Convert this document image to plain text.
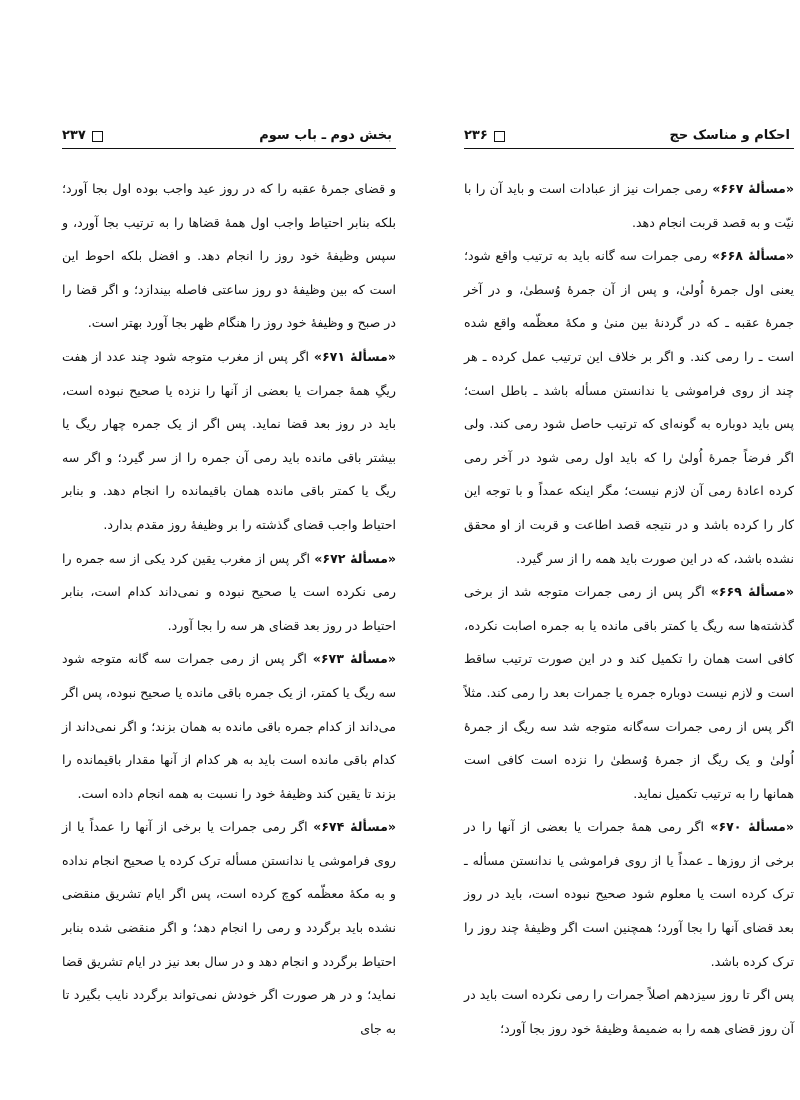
بخش دوم ـ باب سوم
۲۳۷

و قضای جمرهٔ عقبه را که در روز عید واجب بوده اول بجا آورد؛ بلکه بنابر احتیاط واجب اول همهٔ قضاها را به ترتیب بجا آورد، و سپس وظیفهٔ خود روز را انجام دهد. و افضل بلکه احوط این است که بین وظیفهٔ دو روز ساعتی فاصله بیندازد؛ و اگر قضا را در صبح و وظیفهٔ خود روز را هنگام ظهر بجا آورد بهتر است.

«مسألهٔ ۶۷۱» اگر پس از مغرب متوجه شود چند عدد از هفت ریگِ همهٔ جمرات یا بعضی از آنها را نزده یا صحیح نبوده است، باید در روز بعد قضا نماید. پس اگر از یک جمره چهار ریگ یا بیشتر باقی مانده باید رمی آن جمره را از سر گیرد؛ و اگر سه ریگ یا کمتر باقی مانده همان باقیمانده را انجام دهد. و بنابر احتیاط واجب قضای گذشته را بر وظیفهٔ روز مقدم بدارد.

«مسألهٔ ۶۷۲» اگر پس از مغرب یقین کرد یکی از سه جمره را رمی نکرده است یا صحیح نبوده و نمی‌داند کدام است، بنابر احتیاط در روز بعد قضای هر سه را بجا آورد.

«مسألهٔ ۶۷۳» اگر پس از رمی جمرات سه گانه متوجه شود سه ریگ یا کمتر، از یک جمره باقی مانده یا صحیح نبوده، پس اگر می‌داند از کدام جمره باقی مانده به همان بزند؛ و اگر نمی‌داند از کدام باقی مانده است باید به هر کدام از آنها مقدار باقیمانده را بزند تا یقین کند وظیفهٔ خود را نسبت به همه انجام داده است.

«مسألهٔ ۶۷۴» اگر رمی جمرات یا برخی از آنها را عمداً یا از روی فراموشی یا ندانستن مسأله ترک کرده یا صحیح انجام نداده و به مکهٔ معظّمه کوچ کرده است، پس اگر ایام تشریق منقضی نشده باید برگردد و رمی را انجام دهد؛ و اگر منقضی شده بنابر احتیاط برگردد و انجام دهد و در سال بعد نیز در ایام تشریق قضا نماید؛ و در هر صورت اگر خودش نمی‌تواند برگردد نایب بگیرد تا به جای

احکام و مناسک حج
۲۳۶

«مسألهٔ ۶۶۷» رمی جمرات نیز از عبادات است و باید آن را با نیّت و به قصد قربت انجام دهد.

«مسألهٔ ۶۶۸» رمی جمرات سه گانه باید به ترتیب واقع شود؛ یعنی اول جمرهٔ اُولیٰ، و پس از آن جمرهٔ وُسطیٰ، و در آخر جمرهٔ عقبه ـ که در گردنهٔ بین منیٰ و مکهٔ معظّمه واقع شده است ـ را رمی کند. و اگر بر خلاف این ترتیب عمل کرده ـ هر چند از روی فراموشی یا ندانستن مسأله باشد ـ باطل است؛ پس باید دوباره به گونه‌ای که ترتیب حاصل شود رمی کند. ولی اگر فرضاً جمرهٔ اُولیٰ را که باید اول رمی شود در آخر رمی کرده اعادهٔ رمی آن لازم نیست؛ مگر اینکه عمداً و با توجه این کار را کرده باشد و در نتیجه قصد اطاعت و قربت از او محقق نشده باشد، که در این صورت باید همه را از سر گیرد.

«مسألهٔ ۶۶۹» اگر پس از رمی جمرات متوجه شد از برخی گذشته‌ها سه ریگ یا کمتر باقی مانده یا به جمره اصابت نکرده، کافی است همان را تکمیل کند و در این صورت ترتیب ساقط است و لازم نیست دوباره جمره یا جمرات بعد را رمی کند. مثلاً اگر پس از رمی جمرات سه‌گانه متوجه شد سه ریگ از جمرهٔ اُولیٰ و یک ریگ از جمرهٔ وُسطیٰ را نزده است کافی است همانها را به ترتیب تکمیل نماید.

«مسألهٔ ۶۷۰» اگر رمی همهٔ جمرات یا بعضی از آنها را در برخی از روزها ـ عمداً یا از روی فراموشی یا ندانستن مسأله ـ ترک کرده است یا معلوم شود صحیح نبوده است، باید در روز بعد قضای آنها را بجا آورد؛ همچنین است اگر وظیفهٔ چند روز را ترک کرده باشد.

پس اگر تا روز سیزدهم اصلاً جمرات را رمی نکرده است باید در آن روز قضای همه را به ضمیمهٔ وظیفهٔ خود روز بجا آورد؛
